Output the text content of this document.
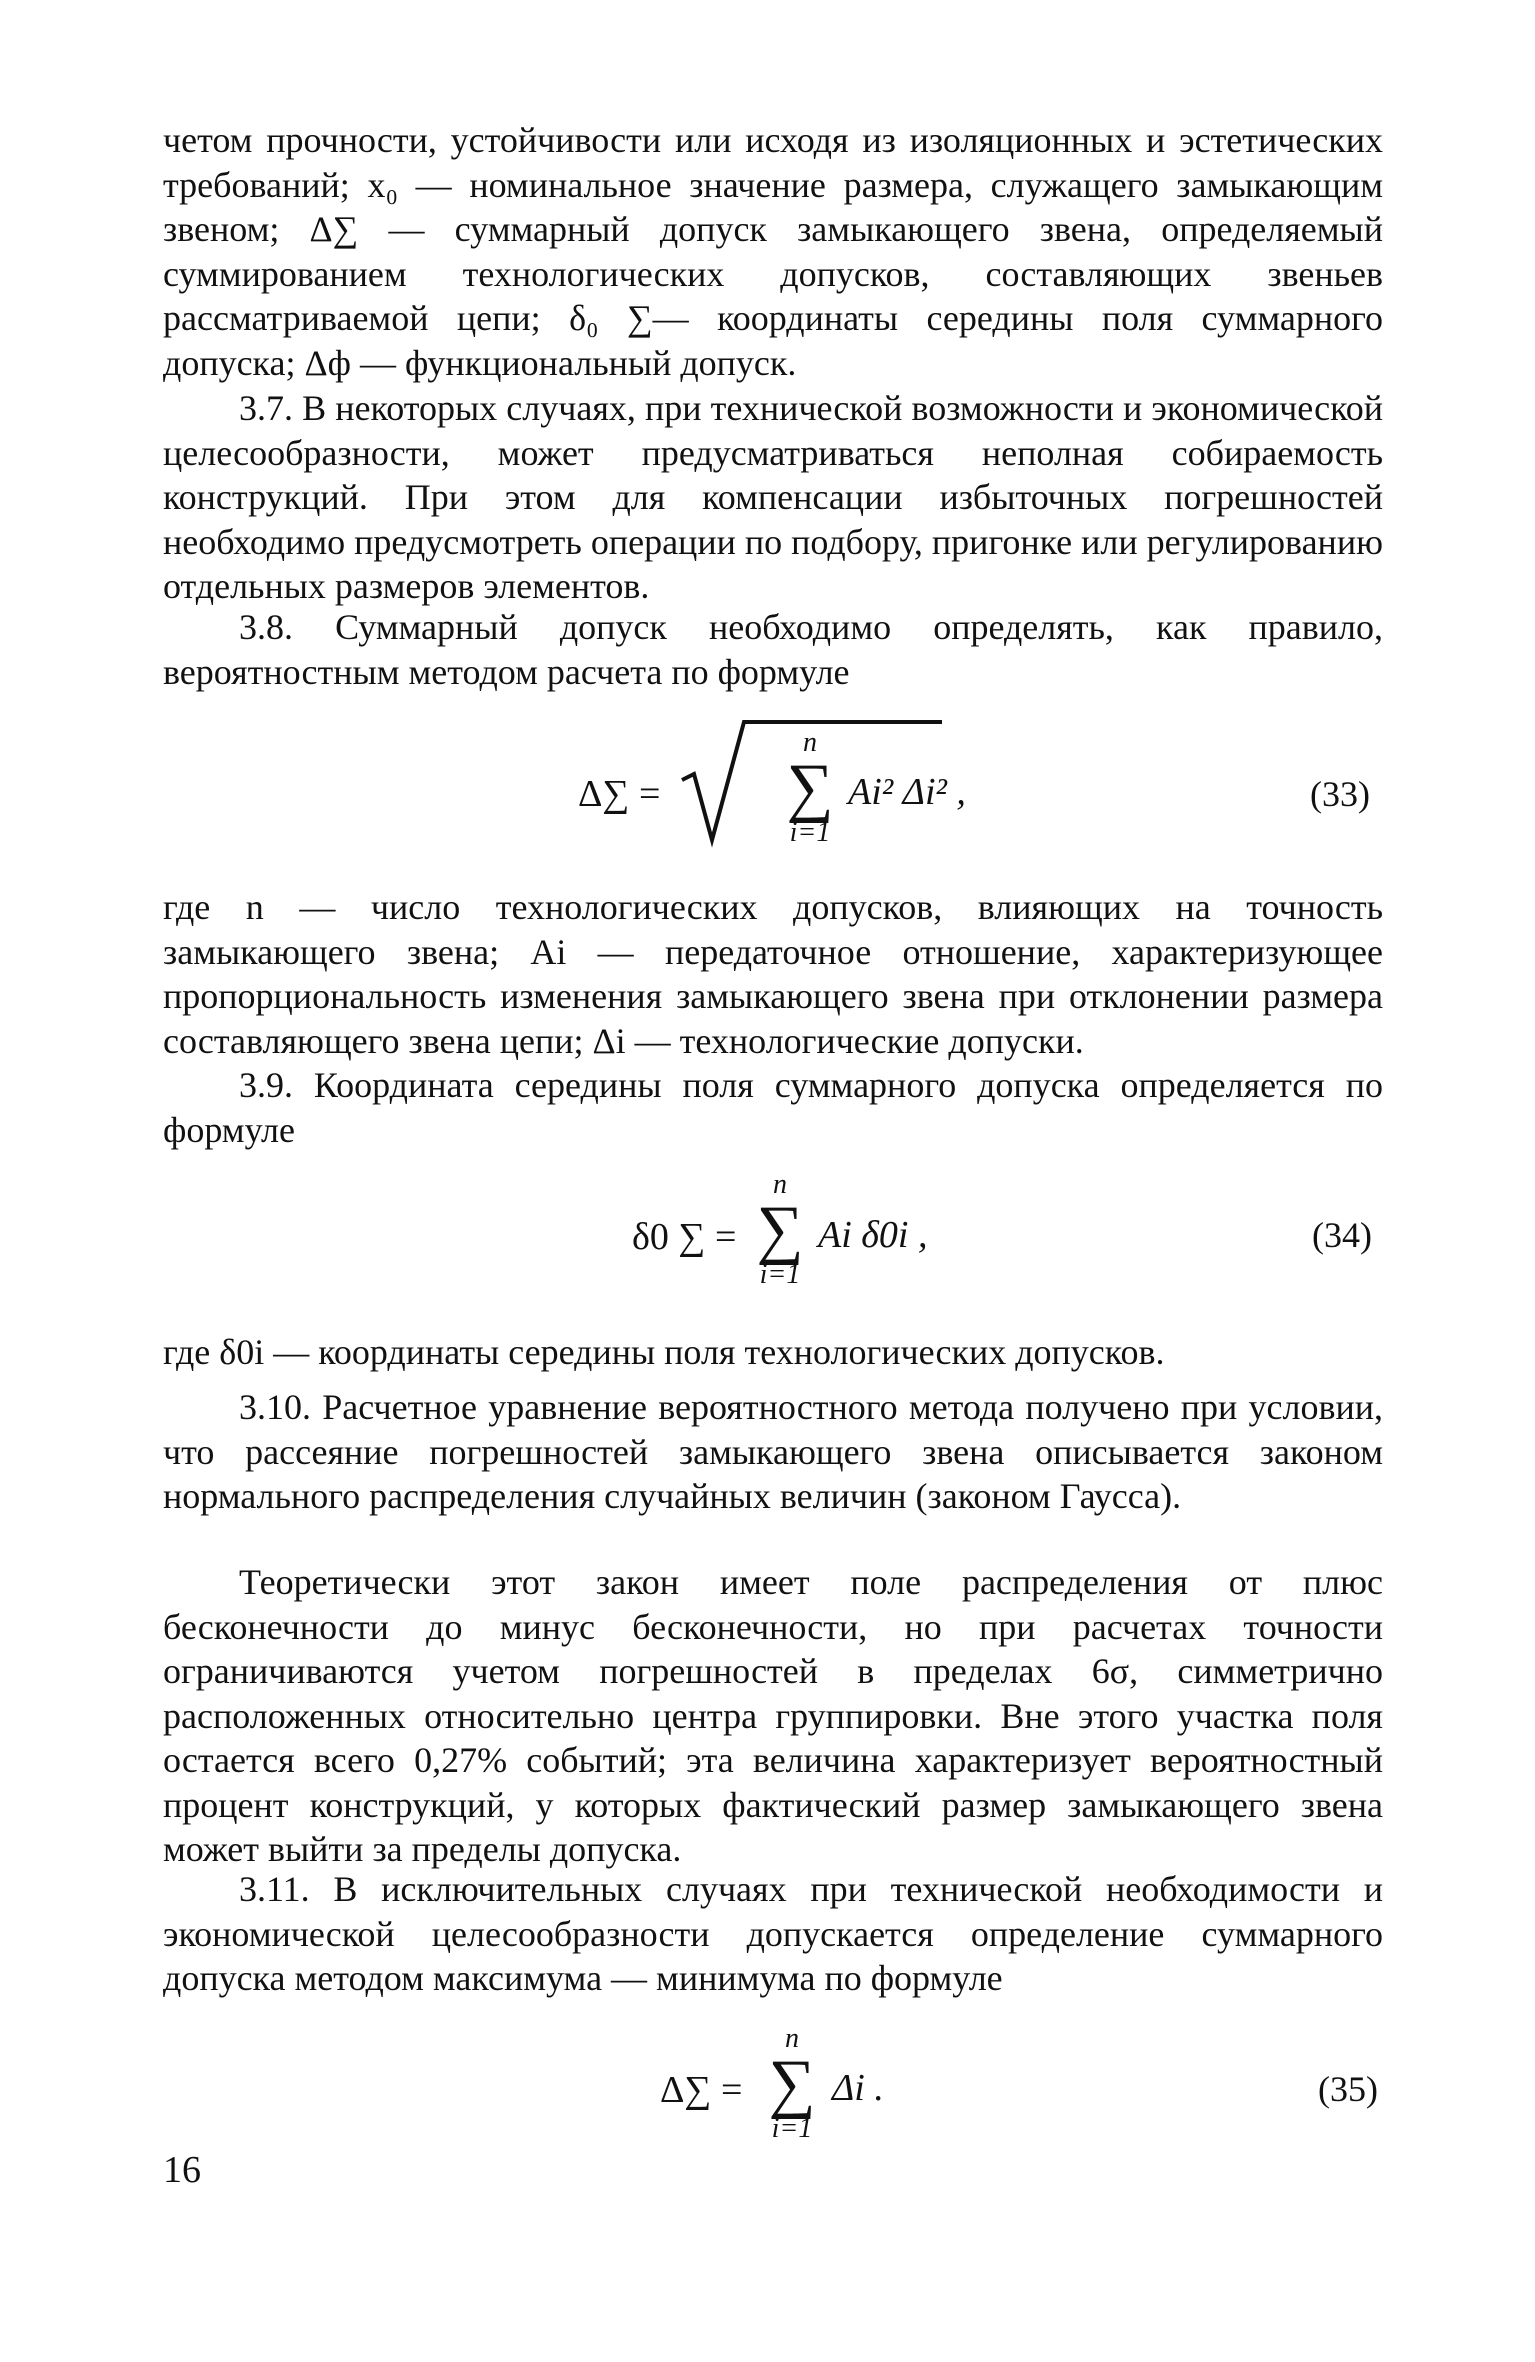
четом прочности, устойчивости или исходя из изоляционных и эстетических требований; x₀ — номинальное значение размера, служащего замыкающим звеном; Δ∑ — суммарный допуск замыкающего звена, определяемый суммированием технологических допусков, составляющих звеньев рассматриваемой цепи; δ₀ ∑— координаты середины поля суммарного допуска; Δф — функциональный допуск.

3.7. В некоторых случаях, при технической возможности и экономической целесообразности, может предусматриваться неполная собираемость конструкций. При этом для компенсации избыточных погрешностей необходимо предусмотреть операции по подбору, пригонке или регулированию отдельных размеров элементов.

3.8. Суммарный допуск необходимо определять, как правило, вероятностным методом расчета по формуле

Δ∑ =
n
∑
i=1
Ai² Δi² ,	(33)

где n — число технологических допусков, влияющих на точность замыкающего звена; Ai — передаточное отношение, характеризующее пропорциональность изменения замыкающего звена при отклонении размера составляющего звена цепи; Δi — технологические допуски.

3.9. Координата середины поля суммарного допуска определяется по формуле

δ0 ∑ =
n
∑
i=1
Ai δ0i ,	(34)

где δ0i — координаты середины поля технологических допусков.

3.10. Расчетное уравнение вероятностного метода получено при условии, что рассеяние погрешностей замыкающего звена описывается законом нормального распределения случайных величин (законом Гаусса).

Теоретически этот закон имеет поле распределения от плюс бесконечности до минус бесконечности, но при расчетах точности ограничиваются учетом погрешностей в пределах 6σ, симметрично расположенных относительно центра группировки. Вне этого участка поля остается всего 0,27% событий; эта величина характеризует вероятностный процент конструкций, у которых фактический размер замыкающего звена может выйти за пределы допуска.

3.11. В исключительных случаях при технической необходимости и экономической целесообразности допускается определение суммарного допуска методом максимума — минимума по формуле

Δ∑ =
n
∑
i=1
Δi .	(35)
16
